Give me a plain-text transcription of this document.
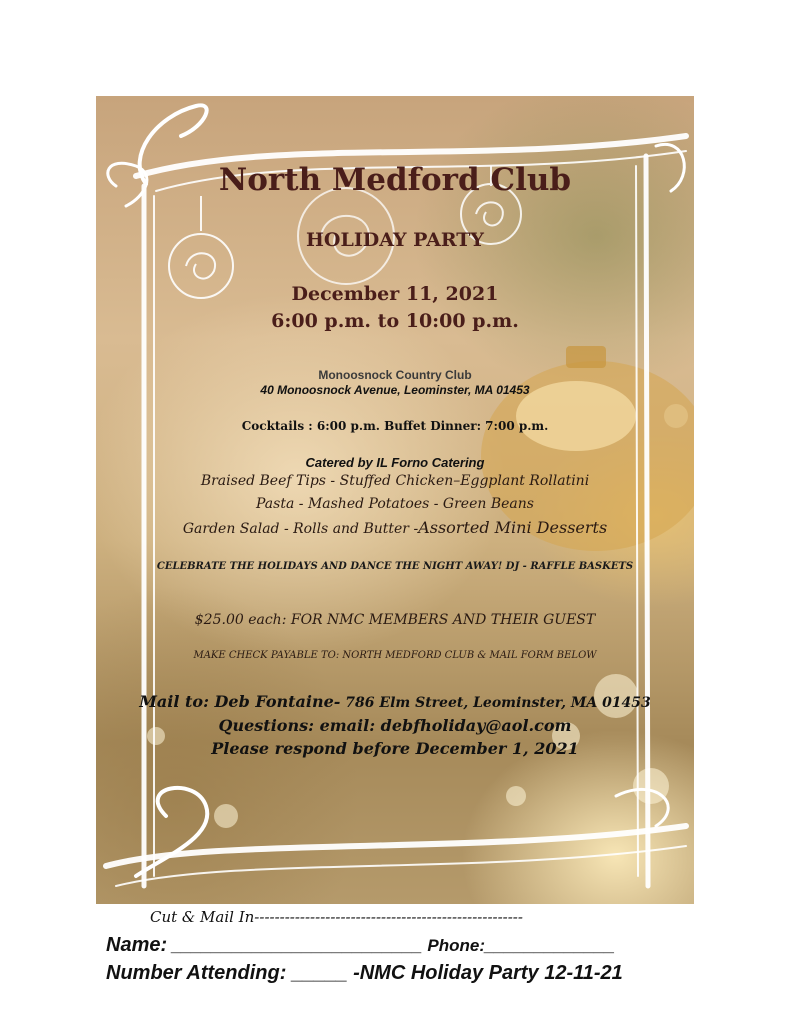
North Medford Club
HOLIDAY PARTY
December 11, 2021
6:00 p.m. to 10:00 p.m.
Monoosnock Country Club
40 Monoosnock Avenue, Leominster, MA 01453
Cocktails : 6:00 p.m. Buffet Dinner: 7:00 p.m.
Catered by IL Forno Catering
Braised Beef Tips - Stuffed Chicken–Eggplant Rollatini
Pasta - Mashed Potatoes - Green Beans
Garden Salad - Rolls and Butter -Assorted Mini Desserts
CELEBRATE THE HOLIDAYS AND DANCE THE NIGHT AWAY! DJ - RAFFLE BASKETS
$25.00 each: FOR NMC MEMBERS AND THEIR GUEST
MAKE CHECK PAYABLE TO: NORTH MEDFORD CLUB & MAIL FORM BELOW
Mail to: Deb Fontaine- 786 Elm Street, Leominster, MA 01453
Questions: email: debfholiday@aol.com
Please respond before December 1, 2021
Cut & Mail In-----------------------------------------------------
Name: _________________________ Phone:_____________
Number Attending: _____ -NMC Holiday Party 12-11-21
